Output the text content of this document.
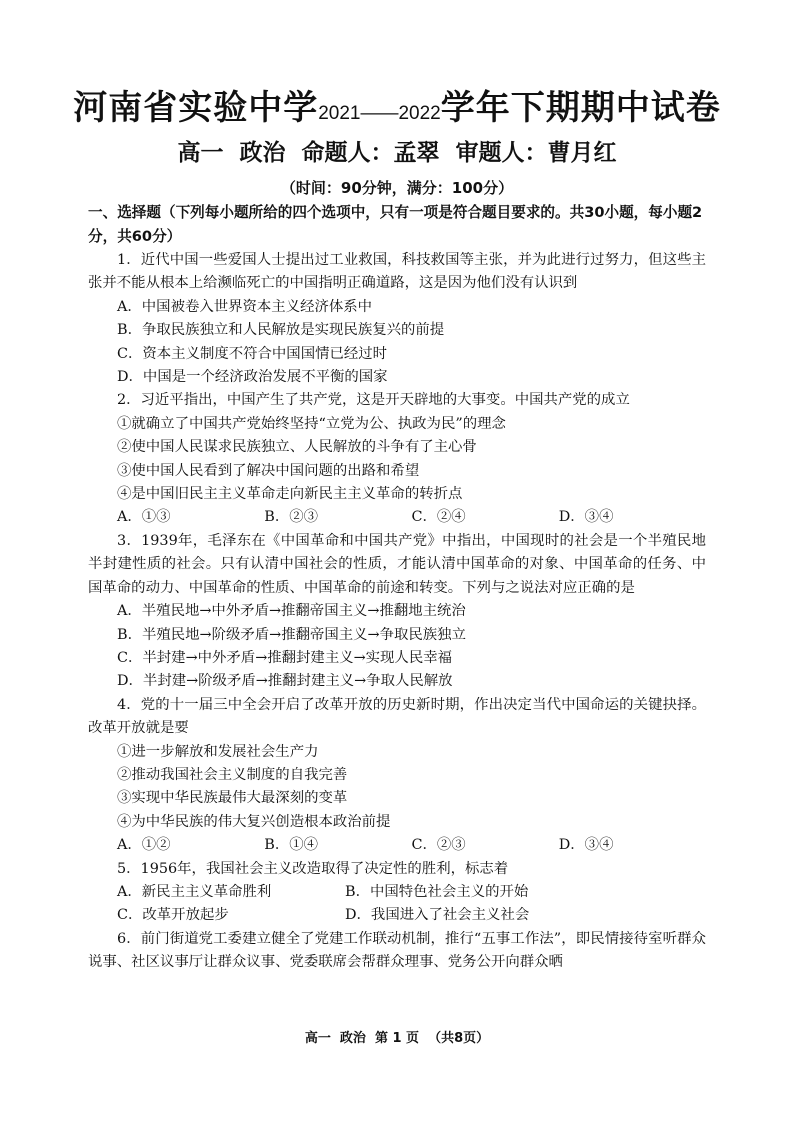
河南省实验中学2021——2022学年下期期中试卷
高一  政治  命题人：孟翠  审题人：曹月红
（时间：90分钟，满分：100分）
一、选择题（下列每小题所给的四个选项中，只有一项是符合题目要求的。共30小题，每小题2分，共60分）
1．近代中国一些爱国人士提出过工业救国，科技救国等主张，并为此进行过努力，但这些主张并不能从根本上给濒临死亡的中国指明正确道路，这是因为他们没有认识到
A．中国被卷入世界资本主义经济体系中
B．争取民族独立和人民解放是实现民族复兴的前提
C．资本主义制度不符合中国国情已经过时
D．中国是一个经济政治发展不平衡的国家
2．习近平指出，中国产生了共产党，这是开天辟地的大事变。中国共产党的成立
①就确立了中国共产党始终坚持“立党为公、执政为民”的理念
②使中国人民谋求民族独立、人民解放的斗争有了主心骨
③使中国人民看到了解决中国问题的出路和希望
④是中国旧民主主义革命走向新民主主义革命的转折点
A．①③	B．②③	C．②④	D．③④
3．1939年，毛泽东在《中国革命和中国共产党》中指出，中国现时的社会是一个半殖民地半封建性质的社会。只有认清中国社会的性质，才能认清中国革命的对象、中国革命的任务、中国革命的动力、中国革命的性质、中国革命的前途和转变。下列与之说法对应正确的是
A．半殖民地→中外矛盾→推翻帝国主义→推翻地主统治
B．半殖民地→阶级矛盾→推翻帝国主义→争取民族独立
C．半封建→中外矛盾→推翻封建主义→实现人民幸福
D．半封建→阶级矛盾→推翻封建主义→争取人民解放
4．党的十一届三中全会开启了改革开放的历史新时期，作出决定当代中国命运的关键抉择。改革开放就是要
①进一步解放和发展社会生产力
②推动我国社会主义制度的自我完善
③实现中华民族最伟大最深刻的变革
④为中华民族的伟大复兴创造根本政治前提
A．①②	B．①④	C．②③	D．③④
5．1956年，我国社会主义改造取得了决定性的胜利，标志着
A．新民主主义革命胜利	B．中国特色社会主义的开始
C．改革开放起步	D．我国进入了社会主义社会
6．前门街道党工委建立健全了党建工作联动机制，推行“五事工作法”，即民情接待室听群众说事、社区议事厅让群众议事、党委联席会帮群众理事、党务公开向群众晒
高一  政治  第 1 页  （共8页）
